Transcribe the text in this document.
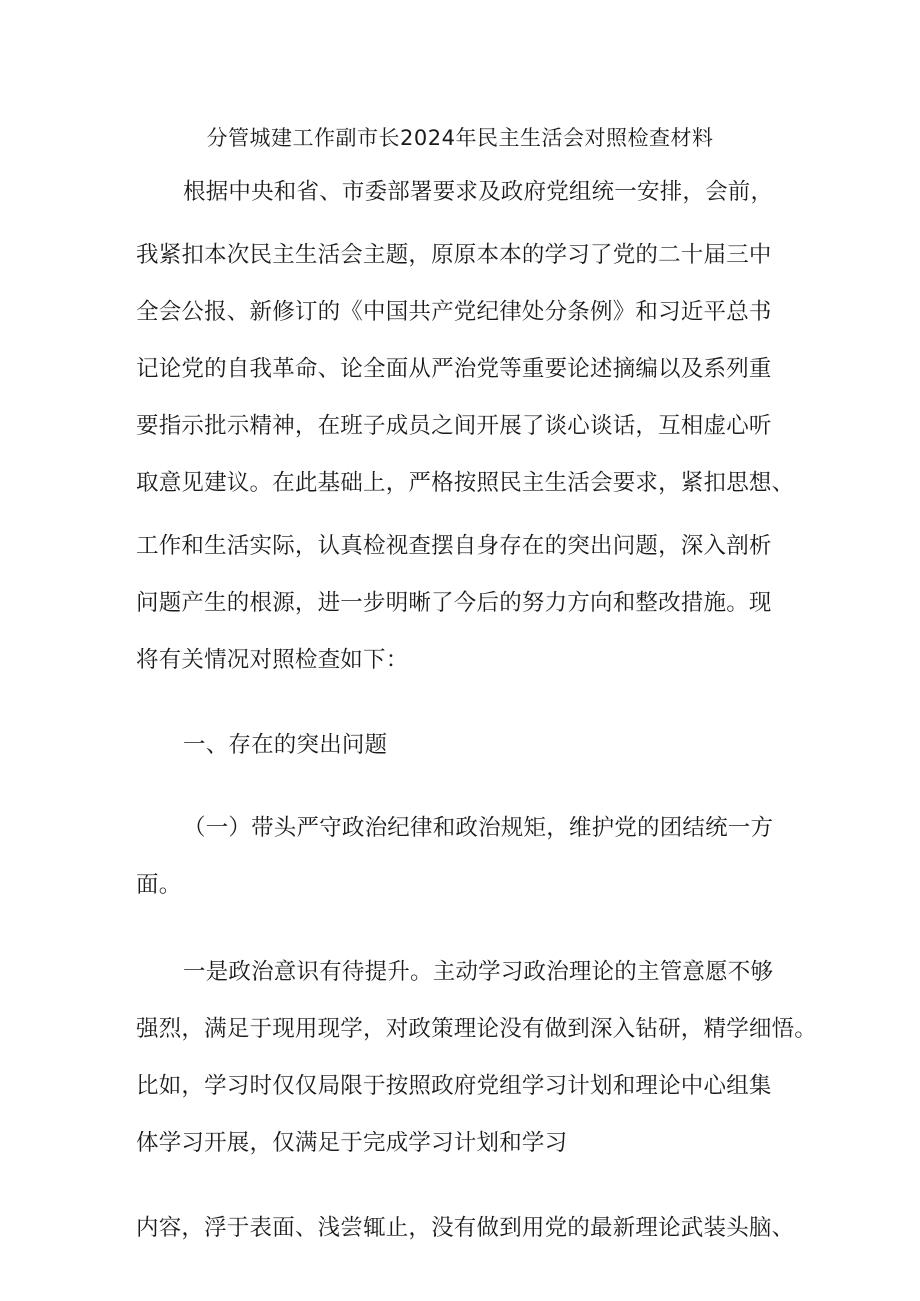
分管城建工作副市长2024年民主生活会对照检查材料
根据中央和省、市委部署要求及政府党组统一安排，会前，
我紧扣本次民主生活会主题，原原本本的学习了党的二十届三中
全会公报、新修订的《中国共产党纪律处分条例》和习近平总书
记论党的自我革命、论全面从严治党等重要论述摘编以及系列重
要指示批示精神，在班子成员之间开展了谈心谈话，互相虚心听
取意见建议。在此基础上，严格按照民主生活会要求，紧扣思想、
工作和生活实际，认真检视查摆自身存在的突出问题，深入剖析
问题产生的根源，进一步明晰了今后的努力方向和整改措施。现
将有关情况对照检查如下：
一、存在的突出问题
（一）带头严守政治纪律和政治规矩，维护党的团结统一方
面。
一是政治意识有待提升。主动学习政治理论的主管意愿不够
强烈，满足于现用现学，对政策理论没有做到深入钻研，精学细悟。
比如，学习时仅仅局限于按照政府党组学习计划和理论中心组集
体学习开展，仅满足于完成学习计划和学习
内容，浮于表面、浅尝辄止，没有做到用党的最新理论武装头脑、
